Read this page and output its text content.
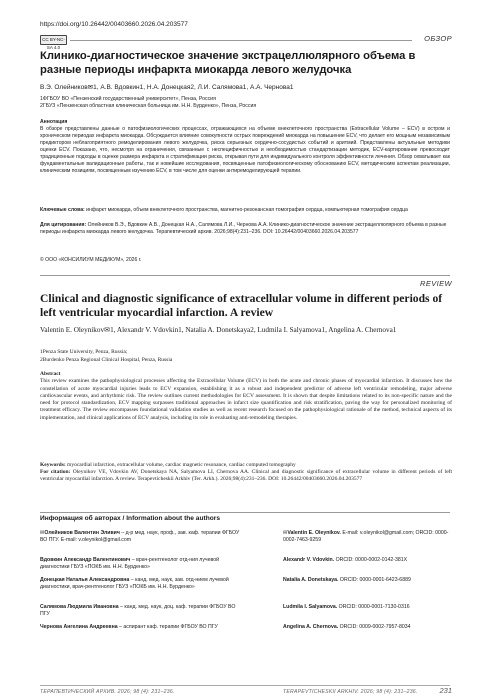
https://doi.org/10.26442/00403660.2026.04.203577
CC BY-NC-SA 4.0
ОБЗОР
Клинико-диагностическое значение экстрацеллюлярного объема в разные периоды инфаркта миокарда левого желудочка
В.Э. Олейников✉1, А.В. Вдовкин1, Н.А. Донецкая2, Л.И. Салямова1, А.А. Чернова1
1ФГБОУ ВО «Пензенский государственный университет», Пенза, Россия
2ГБУЗ «Пензенская областная клиническая больница им. Н.Н. Бурденко», Пенза, Россия
Аннотация
В обзоре представлены данные о патофизиологических процессах, отражающихся на объеме внеклеточного пространства (Extracellular Volume – ECV) в остром и хроническом периодах инфаркта миокарда. Обсуждается влияние совокупности острых повреждений миокарда на повышение ECV, что делает его мощным независимым предиктором неблагоприятного ремоделирования левого желудочка, риска серьезных сердечно-сосудистых событий и аритмий. Представлены актуальные методики оценки ECV. Показано, что, несмотря на ограничения, связанные с неспецифичностью и необходимостью стандартизации методик, ECV-картирование превосходит традиционные подходы в оценке размера инфаркта и стратификации риска, открывая пути для индивидуального контроля эффективности лечения. Обзор охватывает как фундаментальные валидационные работы, так и новейшие исследования, посвященные патофизиологическому обоснованию ECV, методическим аспектам реализации, клиническим позициям, посвященным изучению ECV, в том числе для оценки антиремоделирующей терапии.
Ключевые слова: инфаркт миокарда, объем внеклеточного пространства, магнитно-резонансная томография сердца, компьютерная томография сердца
Для цитирования: Олейников В.Э., Вдовкин А.В., Донецкая Н.А., Салямова Л.И., Чернова А.А. Клинико-диагностическое значение экстрацеллюлярного объема в разные периоды инфаркта миокарда левого желудочка. Терапевтический архив. 2026;98(4):231–236. DOI: 10.26442/00403660.2026.04.203577
© ООО «КОНСИЛИУМ МЕДИКУМ», 2026 г.
REVIEW
Clinical and diagnostic significance of extracellular volume in different periods of left ventricular myocardial infarction. A review
Valentin E. Oleynikov✉1, Alexandr V. Vdovkin1, Natalia A. Donetskaya2, Ludmila I. Salyamova1, Angelina A. Chernova1
1Penza State University, Penza, Russia;
2Burdenko Penza Regional Clinical Hospital, Penza, Russia
Abstract
This review examines the pathophysiological processes affecting the Extracellular Volume (ECV) in both the acute and chronic phases of myocardial infarction. It discusses how the constellation of acute myocardial injuries leads to ECV expansion, establishing it as a robust and independent predictor of adverse left ventricular remodeling, major adverse cardiovascular events, and arrhythmic risk. The review outlines current methodologies for ECV assessment. It is shown that despite limitations related to its non-specific nature and the need for protocol standardization, ECV mapping surpasses traditional approaches in infarct size quantification and risk stratification, paving the way for personalized monitoring of treatment efficacy. The review encompasses foundational validation studies as well as recent research focused on the pathophysiological rationale of the method, technical aspects of its implementation, and clinical applications of ECV analysis, including its role in evaluating anti-remodeling therapies.
Keywords: myocardial infarction, extracellular volume, cardiac magnetic resonance, cardiac computed tomography
For citation: Oleynikov VE, Vdovkin AV, Donetskaya NA, Salyamova LI, Chernova AA. Clinical and diagnostic significance of extracellular volume in different periods of left ventricular myocardial infarction. A review. Terapevticheskii Arkhiv (Ter. Arkh.). 2026;98(4):231–236. DOI: 10.26442/00403660.2026.04.203577
Информация об авторах / Information about the authors
✉Олейников Валентин Эливич – д-р мед. наук, проф., зав. каф. терапии ФГБОУ ВО ПГУ. E-mail: v.oleynikol@gmail.com
Вдовкин Александр Валентинович – врач-рентгенолог отд-ния лучевой диагностики ГБУЗ «ПОКБ им. Н.Н. Бурденко»
Донецкая Наталья Александровна – канд. мед. наук, зав. отд-нием лучевой диагностики, врач-рентгенолог ГБУЗ «ПОКБ им. Н.Н. Бурденко»
Салямова Людмила Ивановна – канд. мед. наук, доц. каф. терапии ФГБОУ ВО ПГУ
Чернова Ангелина Андреевна – аспирант каф. терапии ФГБОУ ВО ПГУ
✉Valentin E. Oleynikov. E-mail: v.oleynikol@gmail.com; ORCID: 0000-0002-7463-9259
Alexandr V. Vdovkin. ORCID: 0000-0002-0142-381X
Natalia A. Donetskaya. ORCID: 0000-0001-6423-6889
Ludmila I. Salyamova. ORCID: 0000-0001-7130-0316
Angelina A. Chernova. ORCID: 0009-0002-7957-8034
ТЕРАПЕВТИЧЕСКИЙ АРХИВ. 2026; 98 (4): 231–236.	TERAPEVTICHESKII ARKHIV. 2026; 98 (4): 231–236.	231
